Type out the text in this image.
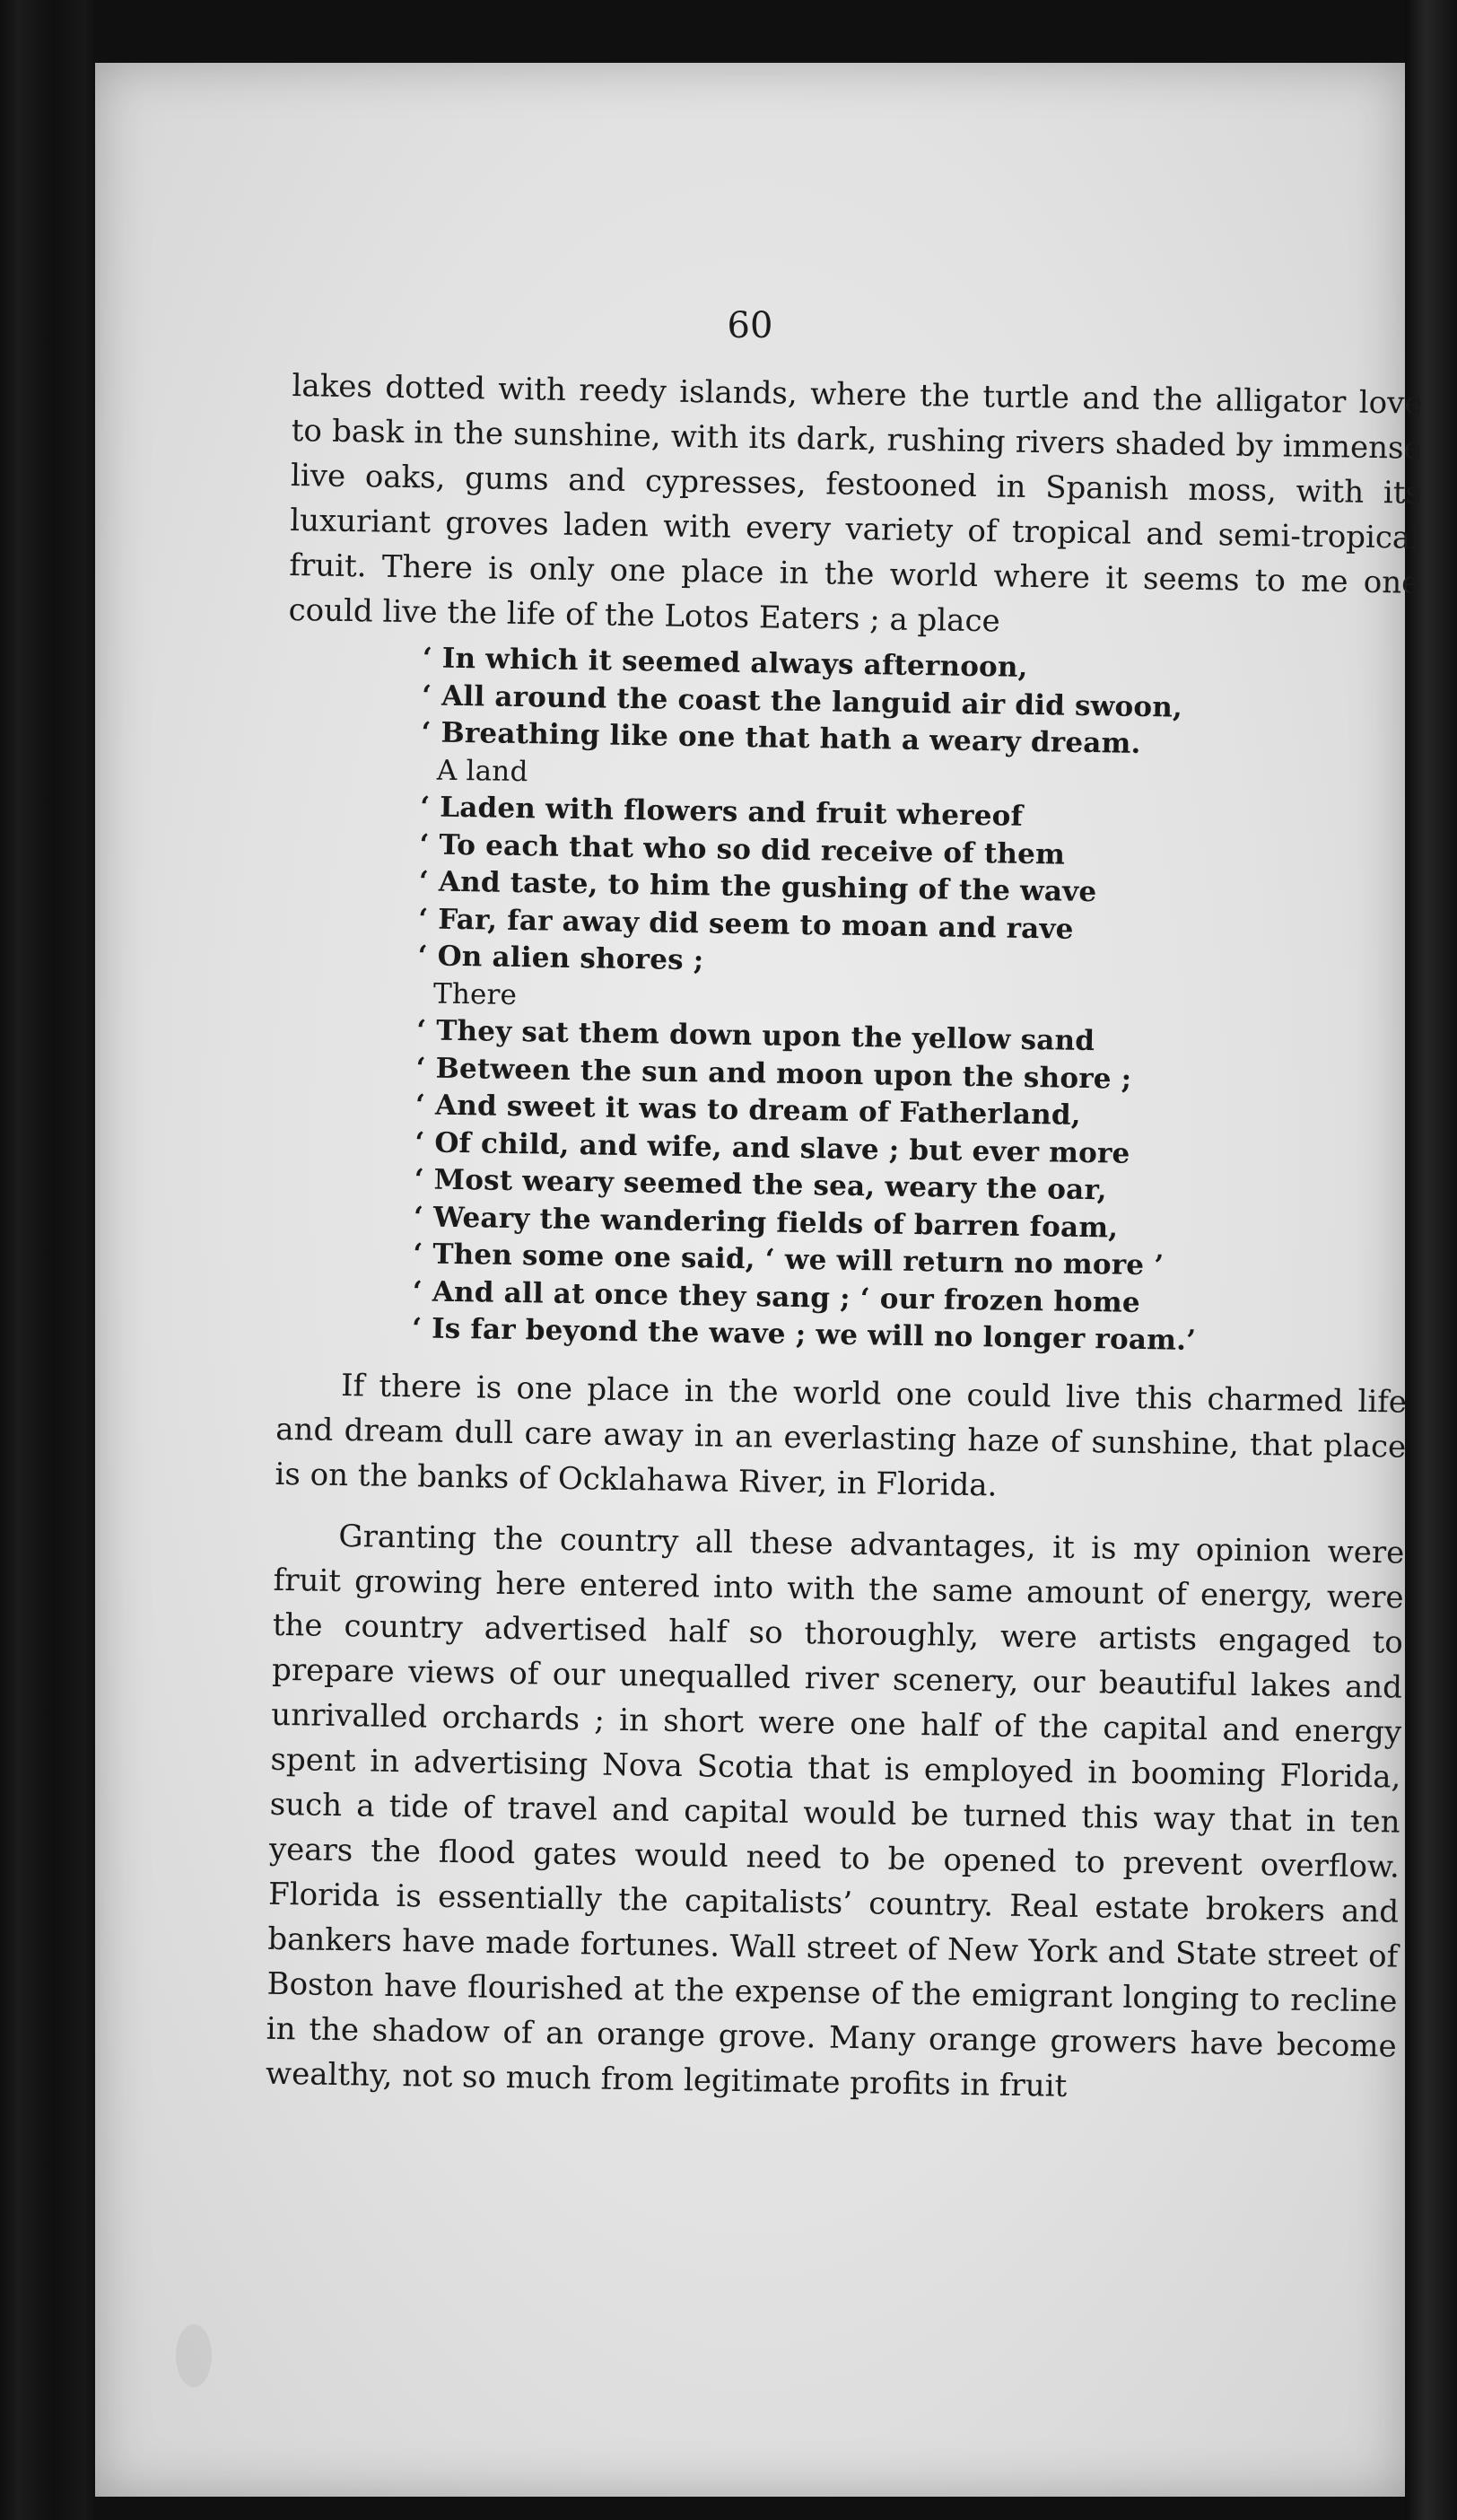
60

lakes dotted with reedy islands, where the turtle and the alligator love to bask in the sunshine, with its dark, rushing rivers shaded by immense live oaks, gums and cypresses, festooned in Spanish moss, with its luxuriant groves laden with every variety of tropical and semi-tropical fruit. There is only one place in the world where it seems to me one could live the life of the Lotos Eaters ; a place

‘ In which it seemed always afternoon,
‘ All around the coast the languid air did swoon,
‘ Breathing like one that hath a weary dream.
A land
‘ Laden with flowers and fruit whereof
‘ To each that who so did receive of them
‘ And taste, to him the gushing of the wave
‘ Far, far away did seem to moan and rave
‘ On alien shores ;
There
‘ They sat them down upon the yellow sand
‘ Between the sun and moon upon the shore ;
‘ And sweet it was to dream of Fatherland,
‘ Of child, and wife, and slave ; but ever more
‘ Most weary seemed the sea, weary the oar,
‘ Weary the wandering fields of barren foam,
‘ Then some one said, ‘ we will return no more ’
‘ And all at once they sang ; ‘ our frozen home
‘ Is far beyond the wave ; we will no longer roam.’

If there is one place in the world one could live this charmed life and dream dull care away in an everlasting haze of sunshine, that place is on the banks of Ocklahawa River, in Florida.

Granting the country all these advantages, it is my opinion were fruit growing here entered into with the same amount of energy, were the country advertised half so thoroughly, were artists engaged to prepare views of our unequalled river scenery, our beautiful lakes and unrivalled orchards ; in short were one half of the capital and energy spent in advertising Nova Scotia that is employed in booming Florida, such a tide of travel and capital would be turned this way that in ten years the flood gates would need to be opened to prevent overflow. Florida is essentially the capitalists’ country. Real estate brokers and bankers have made fortunes. Wall street of New York and State street of Boston have flourished at the expense of the emigrant longing to recline in the shadow of an orange grove. Many orange growers have become wealthy, not so much from legitimate profits in fruit
